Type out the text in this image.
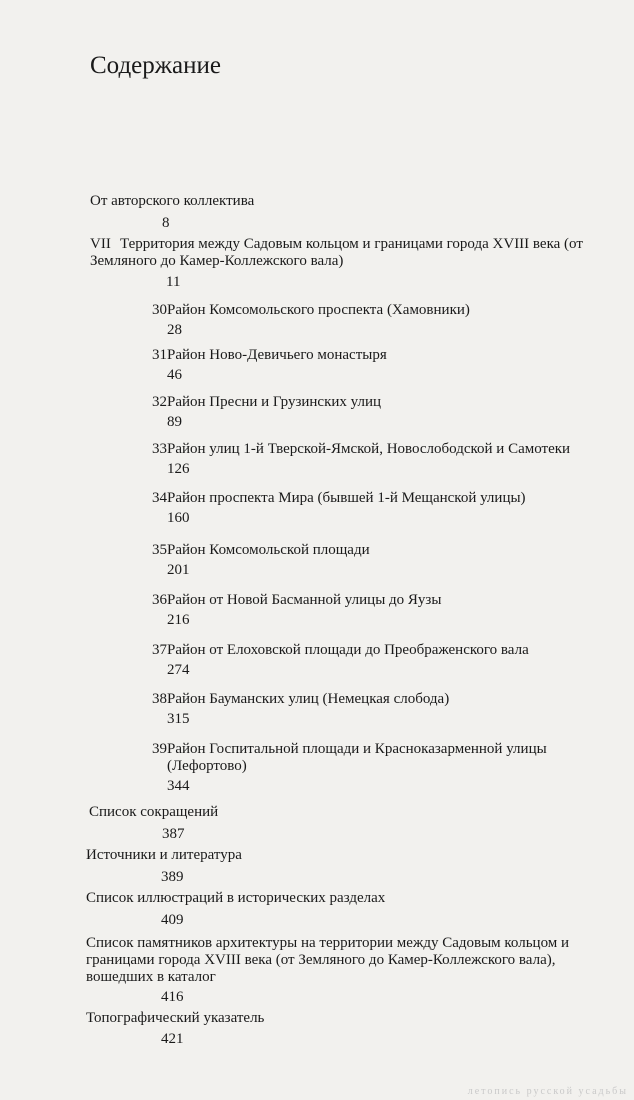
Содержание
От авторского коллектива
8
VII Территория между Садовым кольцом и границами города XVIII века (от Земляного до Камер-Коллежского вала)
11
30 Район Комсомольского проспекта (Хамовники)
28
31 Район Ново-Девичьего монастыря
46
32 Район Пресни и Грузинских улиц
89
33 Район улиц 1-й Тверской-Ямской, Новослободской и Самотеки
126
34 Район проспекта Мира (бывшей 1-й Мещанской улицы)
160
35 Район Комсомольской площади
201
36 Район от Новой Басманной улицы до Яузы
216
37 Район от Елоховской площади до Преображенского вала
274
38 Район Бауманских улиц (Немецкая слобода)
315
39 Район Госпитальной площади и Красноказарменной улицы (Лефортово)
344
Список сокращений
387
Источники и литература
389
Список иллюстраций в исторических разделах
409
Список памятников архитектуры на территории между Садовым кольцом и границами города XVIII века (от Земляного до Камер-Коллежского вала), вошедших в каталог
416
Топографический указатель
421
летопись русской усадьбы
